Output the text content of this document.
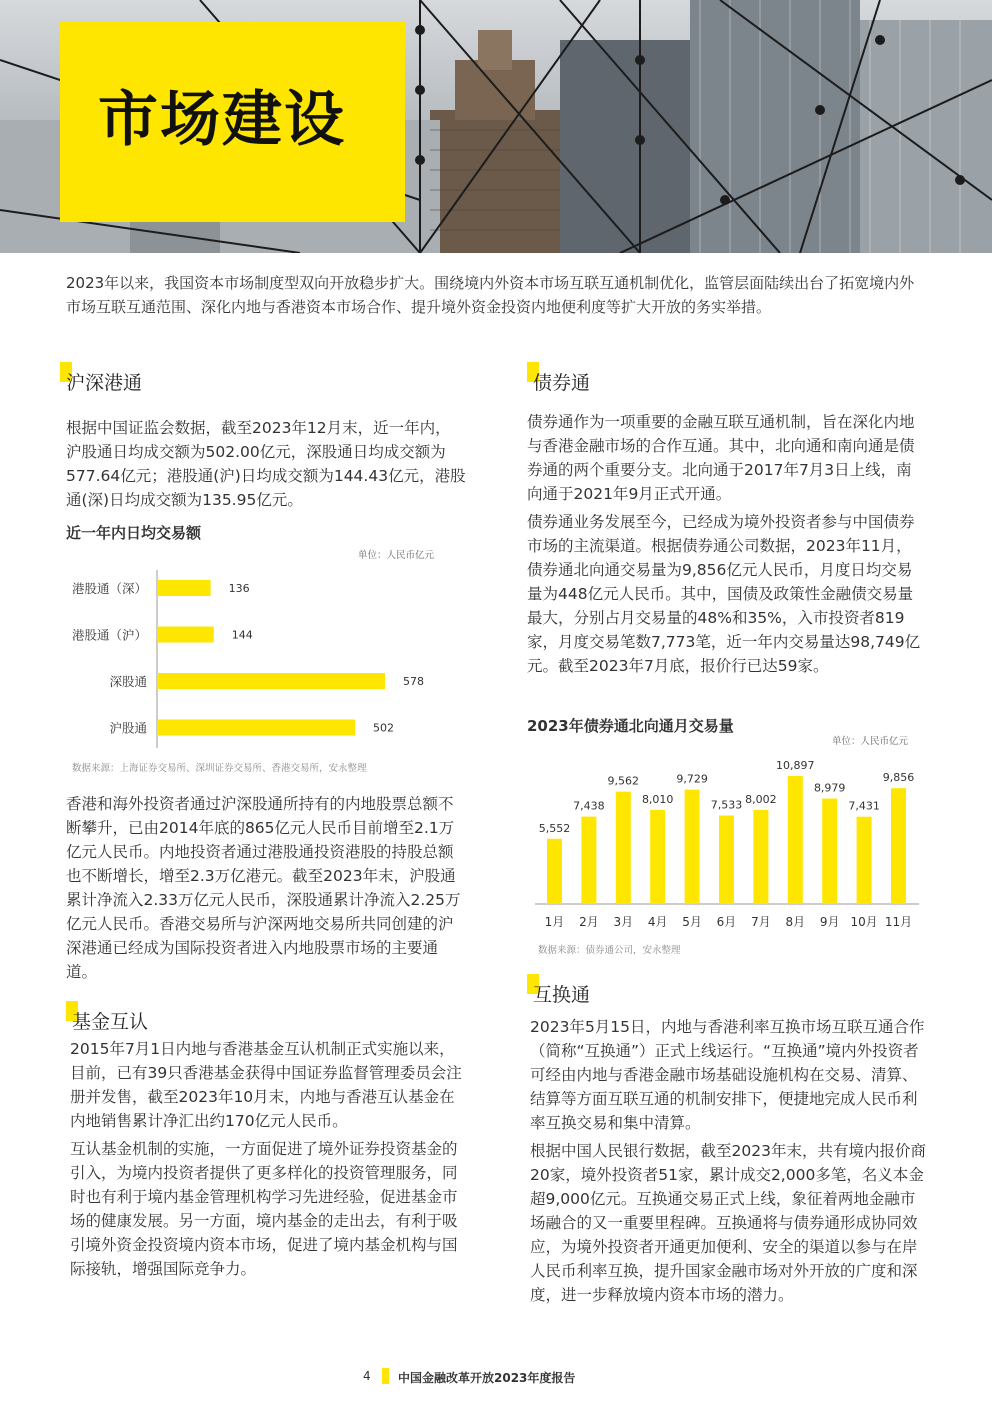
市场建设
2023年以来，我国资本市场制度型双向开放稳步扩大。围绕境内外资本市场互联互通机制优化，监管层面陆续出台了拓宽境内外市场互联互通范围、深化内地与香港资本市场合作、提升境外资金投资内地便利度等扩大开放的务实举措。
沪深港通
根据中国证监会数据，截至2023年12月末，近一年内，沪股通日均成交额为502.00亿元，深股通日均成交额为577.64亿元；港股通(沪)日均成交额为144.43亿元，港股通(深)日均成交额为135.95亿元。
近一年内日均交易额
单位：人民币亿元
港股通（深）	136
港股通（沪）	144
深股通	578
沪股通	502
数据来源：上海证券交易所、深圳证券交易所、香港交易所，安永整理
香港和海外投资者通过沪深股通所持有的内地股票总额不断攀升，已由2014年底的865亿元人民币目前增至2.1万亿元人民币。内地投资者通过港股通投资港股的持股总额也不断增长，增至2.3万亿港元。截至2023年末，沪股通累计净流入2.33万亿元人民币，深股通累计净流入2.25万亿元人民币。香港交易所与沪深两地交易所共同创建的沪深港通已经成为国际投资者进入内地股票市场的主要通道。
基金互认
2015年7月1日内地与香港基金互认机制正式实施以来，目前，已有39只香港基金获得中国证券监督管理委员会注册并发售，截至2023年10月末，内地与香港互认基金在内地销售累计净汇出约170亿元人民币。
互认基金机制的实施，一方面促进了境外证券投资基金的引入，为境内投资者提供了更多样化的投资管理服务，同时也有利于境内基金管理机构学习先进经验，促进基金市场的健康发展。另一方面，境内基金的走出去，有利于吸引境外资金投资境内资本市场，促进了境内基金机构与国际接轨，增强国际竞争力。
债券通
债券通作为一项重要的金融互联互通机制，旨在深化内地与香港金融市场的合作互通。其中，北向通和南向通是债券通的两个重要分支。北向通于2017年7月3日上线，南向通于2021年9月正式开通。
债券通业务发展至今，已经成为境外投资者参与中国债券市场的主流渠道。根据债券通公司数据，2023年11月，债券通北向通交易量为9,856亿元人民币，月度日均交易量为448亿元人民币。其中，国债及政策性金融债交易量最大，分别占月交易量的48%和35%，入市投资者819家，月度交易笔数7,773笔，近一年内交易量达98,749亿元。截至2023年7月底，报价行已达59家。
2023年债券通北向通月交易量
单位：人民币亿元
5,552
1月
7,438
2月
9,562
3月
8,010
4月
9,729
5月
7,533
6月
8,002
7月
10,897
8月
8,979
9月
7,431
10月
9,856
11月
数据来源：债券通公司，安永整理
互换通
2023年5月15日，内地与香港利率互换市场互联互通合作（简称“互换通”）正式上线运行。“互换通”境内外投资者可经由内地与香港金融市场基础设施机构在交易、清算、结算等方面互联互通的机制安排下，便捷地完成人民币利率互换交易和集中清算。
根据中国人民银行数据，截至2023年末，共有境内报价商20家，境外投资者51家，累计成交2,000多笔，名义本金超9,000亿元。互换通交易正式上线，象征着两地金融市场融合的又一重要里程碑。互换通将与债券通形成协同效应，为境外投资者开通更加便利、安全的渠道以参与在岸人民币利率互换，提升国家金融市场对外开放的广度和深度，进一步释放境内资本市场的潜力。
4 中国金融改革开放2023年度报告
